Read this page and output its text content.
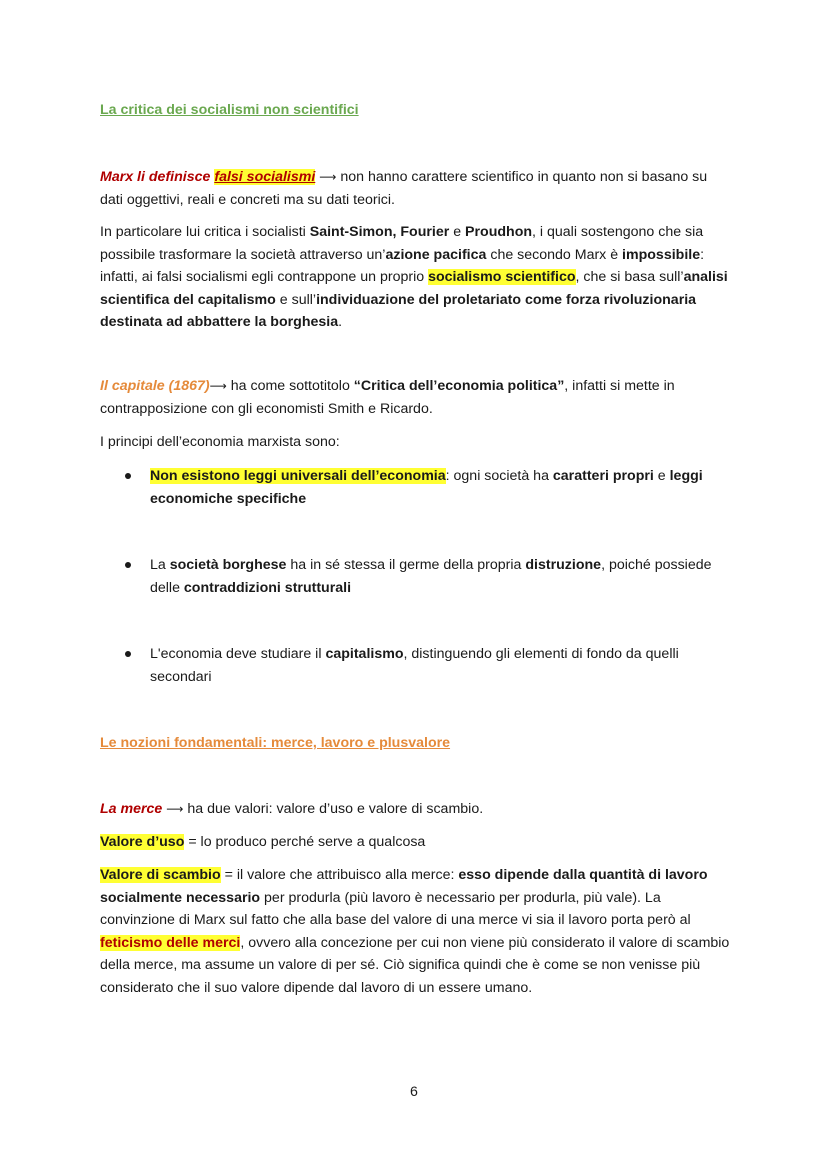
La critica dei socialismi non scientifici

Marx li definisce falsi socialismi ⟶ non hanno carattere scientifico in quanto non si basano su dati oggettivi, reali e concreti ma su dati teorici.

In particolare lui critica i socialisti Saint-Simon, Fourier e Proudhon, i quali sostengono che sia possibile trasformare la società attraverso un’azione pacifica che secondo Marx è impossibile: infatti, ai falsi socialismi egli contrappone un proprio socialismo scientifico, che si basa sull’analisi scientifica del capitalismo e sull’individuazione del proletariato come forza rivoluzionaria destinata ad abbattere la borghesia.

Il capitale (1867)⟶ ha come sottotitolo “Critica dell’economia politica”, infatti si mette in contrapposizione con gli economisti Smith e Ricardo.

I principi dell’economia marxista sono:

Non esistono leggi universali dell’economia: ogni società ha caratteri propri e leggi economiche specifiche
La società borghese ha in sé stessa il germe della propria distruzione, poiché possiede delle contraddizioni strutturali
L'economia deve studiare il capitalismo, distinguendo gli elementi di fondo da quelli secondari

Le nozioni fondamentali: merce, lavoro e plusvalore

La merce ⟶ ha due valori: valore d’uso e valore di scambio.

Valore d’uso = lo produco perché serve a qualcosa

Valore di scambio = il valore che attribuisco alla merce: esso dipende dalla quantità di lavoro socialmente necessario per produrla (più lavoro è necessario per produrla, più vale). La convinzione di Marx sul fatto che alla base del valore di una merce vi sia il lavoro porta però al feticismo delle merci, ovvero alla concezione per cui non viene più considerato il valore di scambio della merce, ma assume un valore di per sé. Ciò significa quindi che è come se non venisse più considerato che il suo valore dipende dal lavoro di un essere umano.

6
